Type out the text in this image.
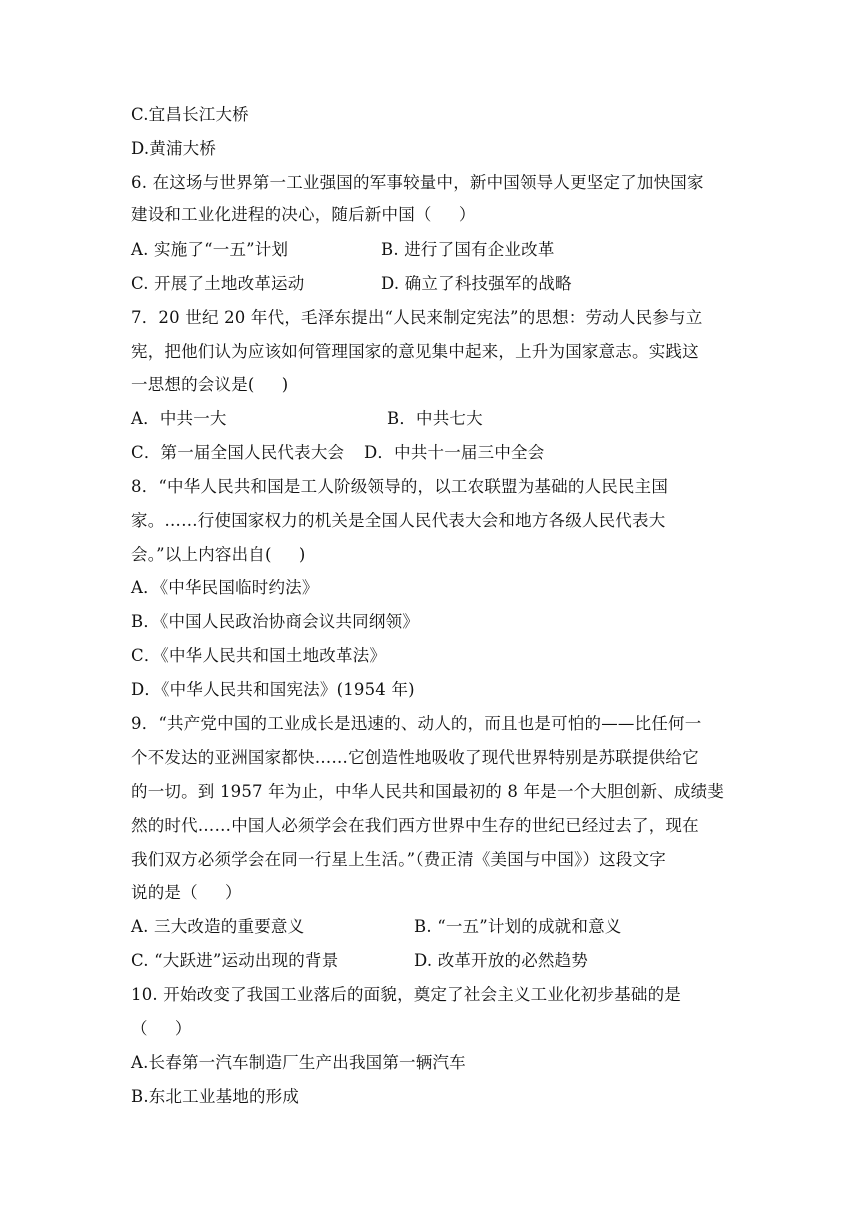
C.宜昌长江大桥
D.黄浦大桥
6. 在这场与世界第一工业强国的军事较量中，新中国领导人更坚定了加快国家
建设和工业化进程的决心，随后新中国（     ）
A. 实施了“一五”计划	B. 进行了国有企业改革
C. 开展了土地改革运动	D. 确立了科技强军的战略
7．20 世纪 20 年代，毛泽东提出“人民来制定宪法”的思想：劳动人民参与立
宪，把他们认为应该如何管理国家的意见集中起来，上升为国家意志。实践这
一思想的会议是(     )
A．中共一大	B．中共七大
C．第一届全国人民代表大会 D．中共十一届三中全会
8．“中华人民共和国是工人阶级领导的，以工农联盟为基础的人民民主国
家。……行使国家权力的机关是全国人民代表大会和地方各级人民代表大
会。”以上内容出自(     )
A．《中华民国临时约法》
B．《中国人民政治协商会议共同纲领》
C．《中华人民共和国土地改革法》
D．《中华人民共和国宪法》(1954 年)
9．“共产党中国的工业成长是迅速的、动人的，而且也是可怕的——比任何一
个不发达的亚洲国家都快……它创造性地吸收了现代世界特别是苏联提供给它
的一切。到 1957 年为止，中华人民共和国最初的 8 年是一个大胆创新、成绩斐
然的时代……中国人必须学会在我们西方世界中生存的世纪已经过去了，现在
我们双方必须学会在同一行星上生活。”（费正清《美国与中国》）这段文字
说的是（     ）
A. 三大改造的重要意义	B. “一五”计划的成就和意义
C. “大跃进”运动出现的背景	D. 改革开放的必然趋势
10. 开始改变了我国工业落后的面貌，奠定了社会主义工业化初步基础的是
（     ）
A.长春第一汽车制造厂生产出我国第一辆汽车
B.东北工业基地的形成
